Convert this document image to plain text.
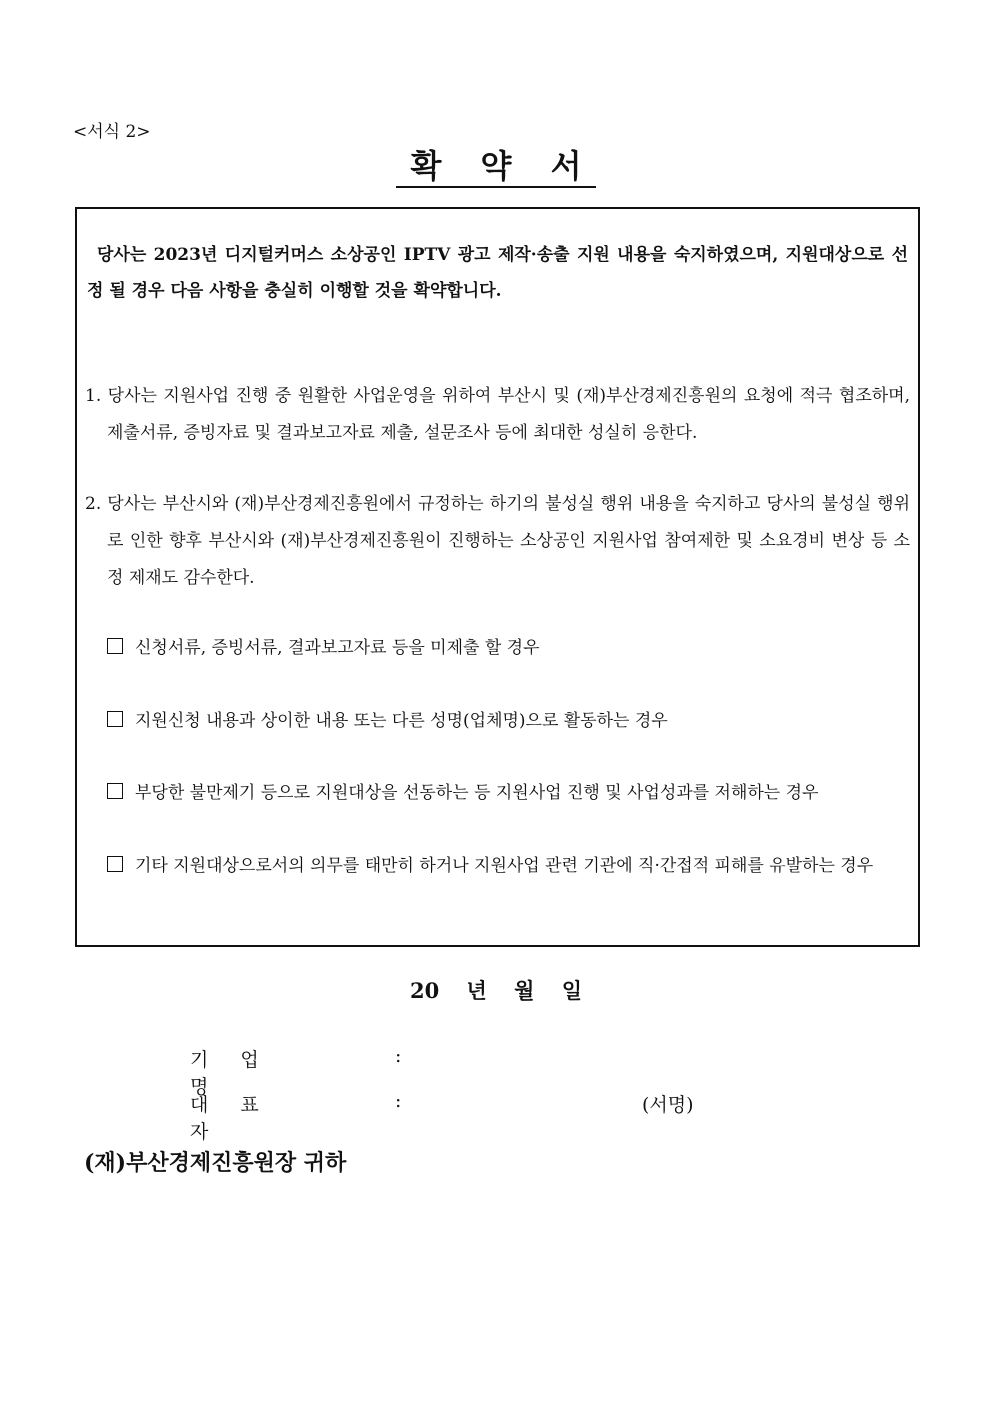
<서식 2>
확 약 서
당사는 2023년 디지털커머스 소상공인 IPTV 광고 제작·송출 지원 내용을 숙지하였으며, 지원대상으로 선정 될 경우 다음 사항을 충실히 이행할 것을 확약합니다.
1. 당사는 지원사업 진행 중 원활한 사업운영을 위하여 부산시 및 (재)부산경제진흥원의 요청에 적극 협조하며, 제출서류, 증빙자료 및 결과보고자료 제출, 설문조사 등에 최대한 성실히 응한다.
2. 당사는 부산시와 (재)부산경제진흥원에서 규정하는 하기의 불성실 행위 내용을 숙지하고 당사의 불성실 행위로 인한 향후 부산시와 (재)부산경제진흥원이 진행하는 소상공인 지원사업 참여제한 및 소요경비 변상 등 소정 제재도 감수한다.
신청서류, 증빙서류, 결과보고자료 등을 미제출 할 경우
지원신청 내용과 상이한 내용 또는 다른 성명(업체명)으로 활동하는 경우
부당한 불만제기 등으로 지원대상을 선동하는 등 지원사업 진행 및 사업성과를 저해하는 경우
기타 지원대상으로서의 의무를 태만히 하거나 지원사업 관련 기관에 직·간접적 피해를 유발하는 경우
20 년 월 일
기 업 명
:
대 표 자
:	(서명)
(재)부산경제진흥원장 귀하
